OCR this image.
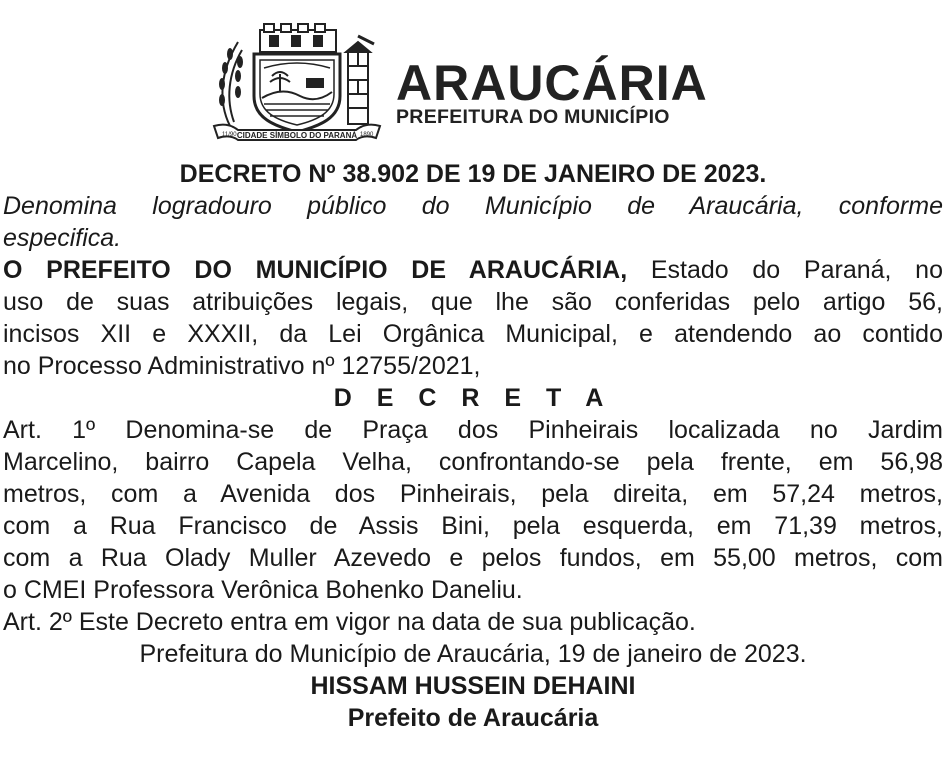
CIDADE SÍMBOLO DO PARANÁ
11/90	1890
ARAUCÁRIA
PREFEITURA DO MUNICÍPIO

DECRETO Nº 38.902 DE 19 DE JANEIRO DE 2023.

Denomina logradouro público do Município de Araucária, conforme

especifica.

O PREFEITO DO MUNICÍPIO DE ARAUCÁRIA, Estado do Paraná, no

uso de suas atribuições legais, que lhe são conferidas pelo artigo 56,

incisos XII e XXXII, da Lei Orgânica Municipal, e atendendo ao contido

no Processo Administrativo nº 12755/2021,

D E C R E T A

Art. 1º Denomina-se de Praça dos Pinheirais localizada no Jardim

Marcelino, bairro Capela Velha, confrontando-se pela frente, em 56,98

metros, com a Avenida dos Pinheirais, pela direita, em 57,24 metros,

com a Rua Francisco de Assis Bini, pela esquerda, em 71,39 metros,

com a Rua Olady Muller Azevedo e pelos fundos, em 55,00 metros, com

o CMEI Professora Verônica Bohenko Daneliu.

Art. 2º Este Decreto entra em vigor na data de sua publicação.

Prefeitura do Município de Araucária, 19 de janeiro de 2023.

HISSAM HUSSEIN DEHAINI

Prefeito de Araucária
